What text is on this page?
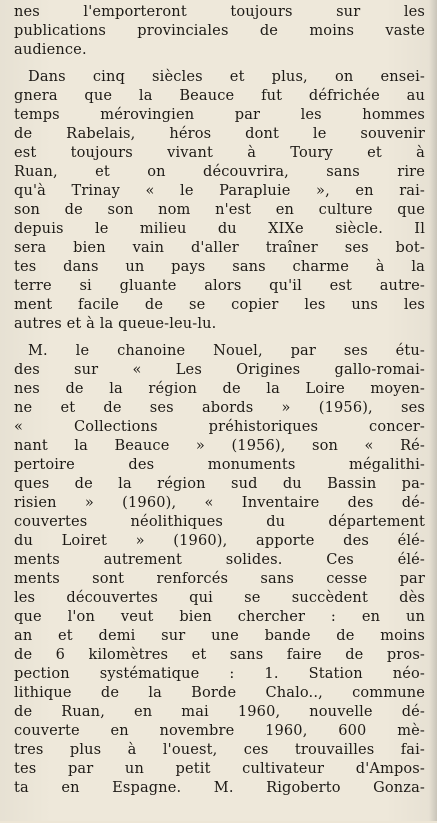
nes l'emporteront toujours sur les
publications provinciales de moins vaste
audience.
Dans cinq siècles et plus, on ensei-
gnera que la Beauce fut défrichée au
temps mérovingien par les hommes
de Rabelais, héros dont le souvenir
est toujours vivant à Toury et à
Ruan, et on découvrira, sans rire
qu'à Trinay « le Parapluie », en rai-
son de son nom n'est en culture que
depuis le milieu du XIXe siècle. Il
sera bien vain d'aller traîner ses bot-
tes dans un pays sans charme à la
terre si gluante alors qu'il est autre-
ment facile de se copier les uns les
autres et à la queue-leu-lu.
M. le chanoine Nouel, par ses étu-
des sur « Les Origines gallo-romai-
nes de la région de la Loire moyen-
ne et de ses abords » (1956), ses
« Collections préhistoriques concer-
nant la Beauce » (1956), son « Ré-
pertoire des monuments mégalithi-
ques de la région sud du Bassin pa-
risien » (1960), « Inventaire des dé-
couvertes néolithiques du département
du Loiret » (1960), apporte des élé-
ments autrement solides. Ces élé-
ments sont renforcés sans cesse par
les découvertes qui se succèdent dès
que l'on veut bien chercher : en un
an et demi sur une bande de moins
de 6 kilomètres et sans faire de pros-
pection systématique : 1. Station néo-
lithique de la Borde Chalo.., commune
de Ruan, en mai 1960, nouvelle dé-
couverte en novembre 1960, 600 mè-
tres plus à l'ouest, ces trouvailles fai-
tes par un petit cultivateur d'Ampos-
ta en Espagne. M. Rigoberto Gonza-
